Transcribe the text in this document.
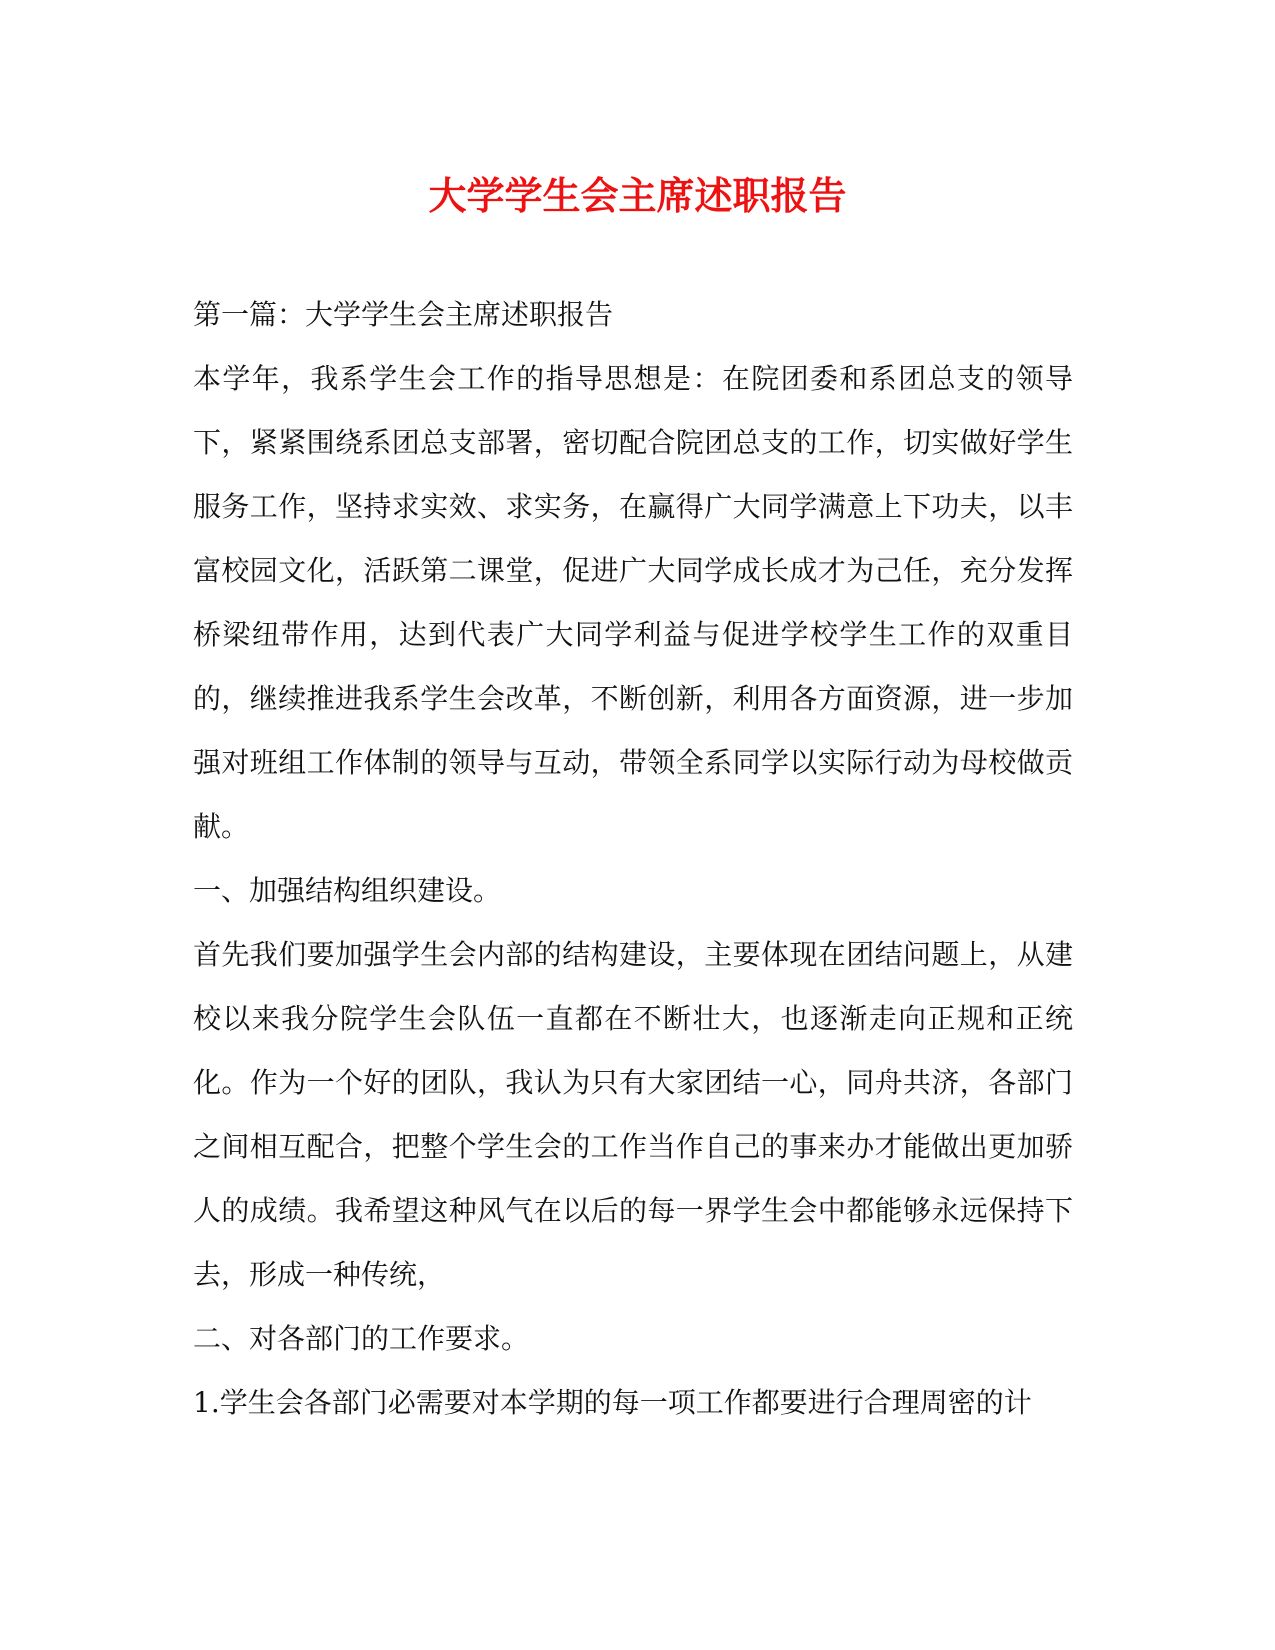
大学学生会主席述职报告

第一篇：大学学生会主席述职报告

本学年，我系学生会工作的指导思想是：在院团委和系团总支的领导下，紧紧围绕系团总支部署，密切配合院团总支的工作，切实做好学生服务工作，坚持求实效、求实务，在赢得广大同学满意上下功夫，以丰富校园文化，活跃第二课堂，促进广大同学成长成才为己任，充分发挥桥梁纽带作用，达到代表广大同学利益与促进学校学生工作的双重目的，继续推进我系学生会改革，不断创新，利用各方面资源，进一步加强对班组工作体制的领导与互动，带领全系同学以实际行动为母校做贡献。

一、加强结构组织建设。

首先我们要加强学生会内部的结构建设，主要体现在团结问题上，从建校以来我分院学生会队伍一直都在不断壮大，也逐渐走向正规和正统化。作为一个好的团队，我认为只有大家团结一心，同舟共济，各部门之间相互配合，把整个学生会的工作当作自己的事来办才能做出更加骄人的成绩。我希望这种风气在以后的每一界学生会中都能够永远保持下去，形成一种传统，

二、对各部门的工作要求。

1.学生会各部门必需要对本学期的每一项工作都要进行合理周密的计
